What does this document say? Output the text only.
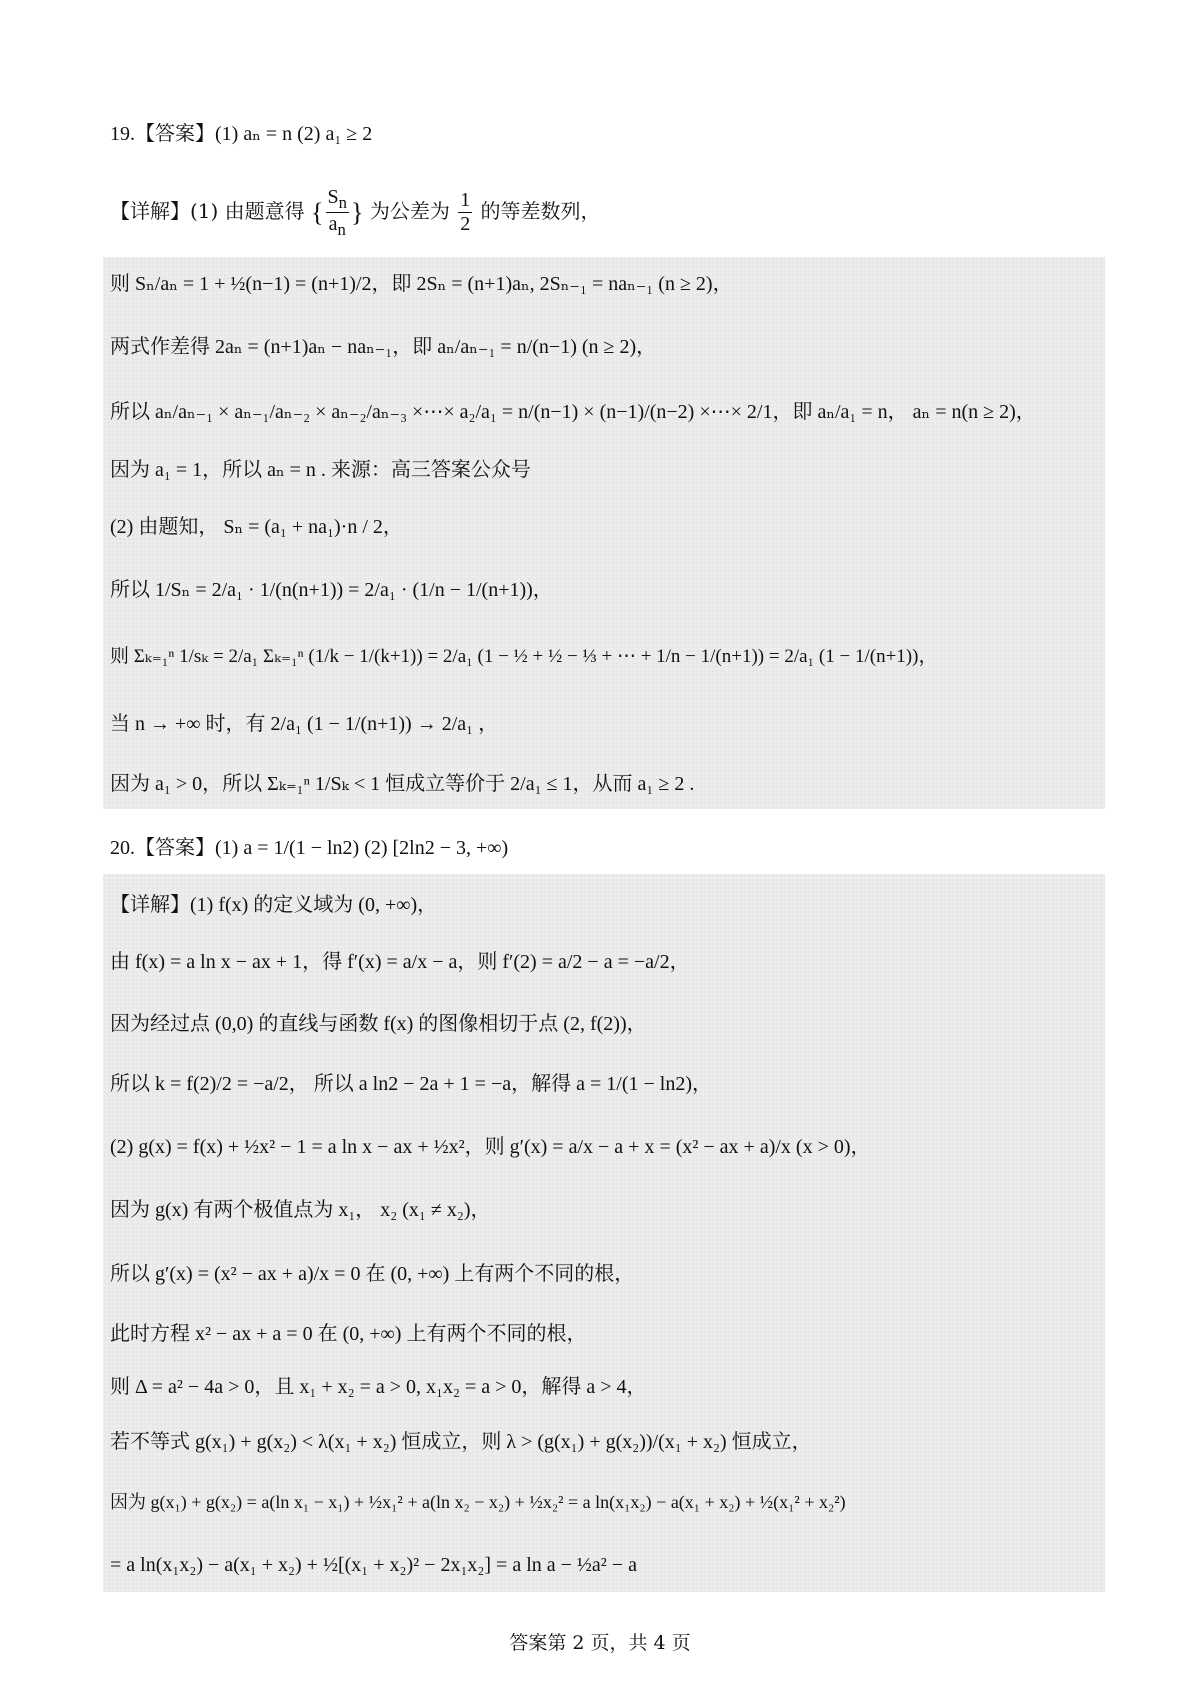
19.【答案】(1) aₙ = n (2) a₁ ≥ 2
【详解】(1) 由题意得 { $\frac{S_n}{a_n}$ } 为公差为 $\frac{1}{2}$ 的等差数列，
则 Sₙ/aₙ = 1 + ½(n−1) = (n+1)/2，即 2Sₙ = (n+1)aₙ, 2Sₙ₋₁ = naₙ₋₁ (n ≥ 2)，
两式作差得 2aₙ = (n+1)aₙ − naₙ₋₁，即 aₙ/aₙ₋₁ = n/(n−1) (n ≥ 2)，
所以 aₙ/aₙ₋₁ × aₙ₋₁/aₙ₋₂ × aₙ₋₂/aₙ₋₃ ×⋯× a₂/a₁ = n/(n−1) × (n−1)/(n−2) ×⋯× 2/1，即 aₙ/a₁ = n， aₙ = n(n ≥ 2)，
因为 a₁ = 1，所以 aₙ = n . 来源：高三答案公众号
(2) 由题知， Sₙ = (a₁ + na₁)·n / 2，
所以 1/Sₙ = 2/a₁ · 1/(n(n+1)) = 2/a₁ · (1/n − 1/(n+1))，
则 Σₖ₌₁ⁿ 1/sₖ = 2/a₁ Σₖ₌₁ⁿ (1/k − 1/(k+1)) = 2/a₁ (1 − ½ + ½ − ⅓ + ⋯ + 1/n − 1/(n+1)) = 2/a₁ (1 − 1/(n+1))，
当 n → +∞ 时，有 2/a₁ (1 − 1/(n+1)) → 2/a₁ ，
因为 a₁ > 0，所以 Σₖ₌₁ⁿ 1/Sₖ < 1 恒成立等价于 2/a₁ ≤ 1，从而 a₁ ≥ 2 .
20.【答案】(1) a = 1/(1 − ln2) (2) [2ln2 − 3, +∞)
【详解】(1) f(x) 的定义域为 (0, +∞)，
由 f(x) = a ln x − ax + 1，得 f′(x) = a/x − a，则 f′(2) = a/2 − a = −a/2，
因为经过点 (0,0) 的直线与函数 f(x) 的图像相切于点 (2, f(2))，
所以 k = f(2)/2 = −a/2， 所以 a ln2 − 2a + 1 = −a，解得 a = 1/(1 − ln2)，
(2) g(x) = f(x) + ½x² − 1 = a ln x − ax + ½x²，则 g′(x) = a/x − a + x = (x² − ax + a)/x (x > 0)，
因为 g(x) 有两个极值点为 x₁， x₂ (x₁ ≠ x₂)，
所以 g′(x) = (x² − ax + a)/x = 0 在 (0, +∞) 上有两个不同的根，
此时方程 x² − ax + a = 0 在 (0, +∞) 上有两个不同的根，
则 Δ = a² − 4a > 0，且 x₁ + x₂ = a > 0, x₁x₂ = a > 0，解得 a > 4，
若不等式 g(x₁) + g(x₂) < λ(x₁ + x₂) 恒成立，则 λ > (g(x₁) + g(x₂))/(x₁ + x₂) 恒成立，
因为 g(x₁) + g(x₂) = a(ln x₁ − x₁) + ½x₁² + a(ln x₂ − x₂) + ½x₂² = a ln(x₁x₂) − a(x₁ + x₂) + ½(x₁² + x₂²)
= a ln(x₁x₂) − a(x₁ + x₂) + ½[(x₁ + x₂)² − 2x₁x₂] = a ln a − ½a² − a
答案第 2 页，共 4 页
